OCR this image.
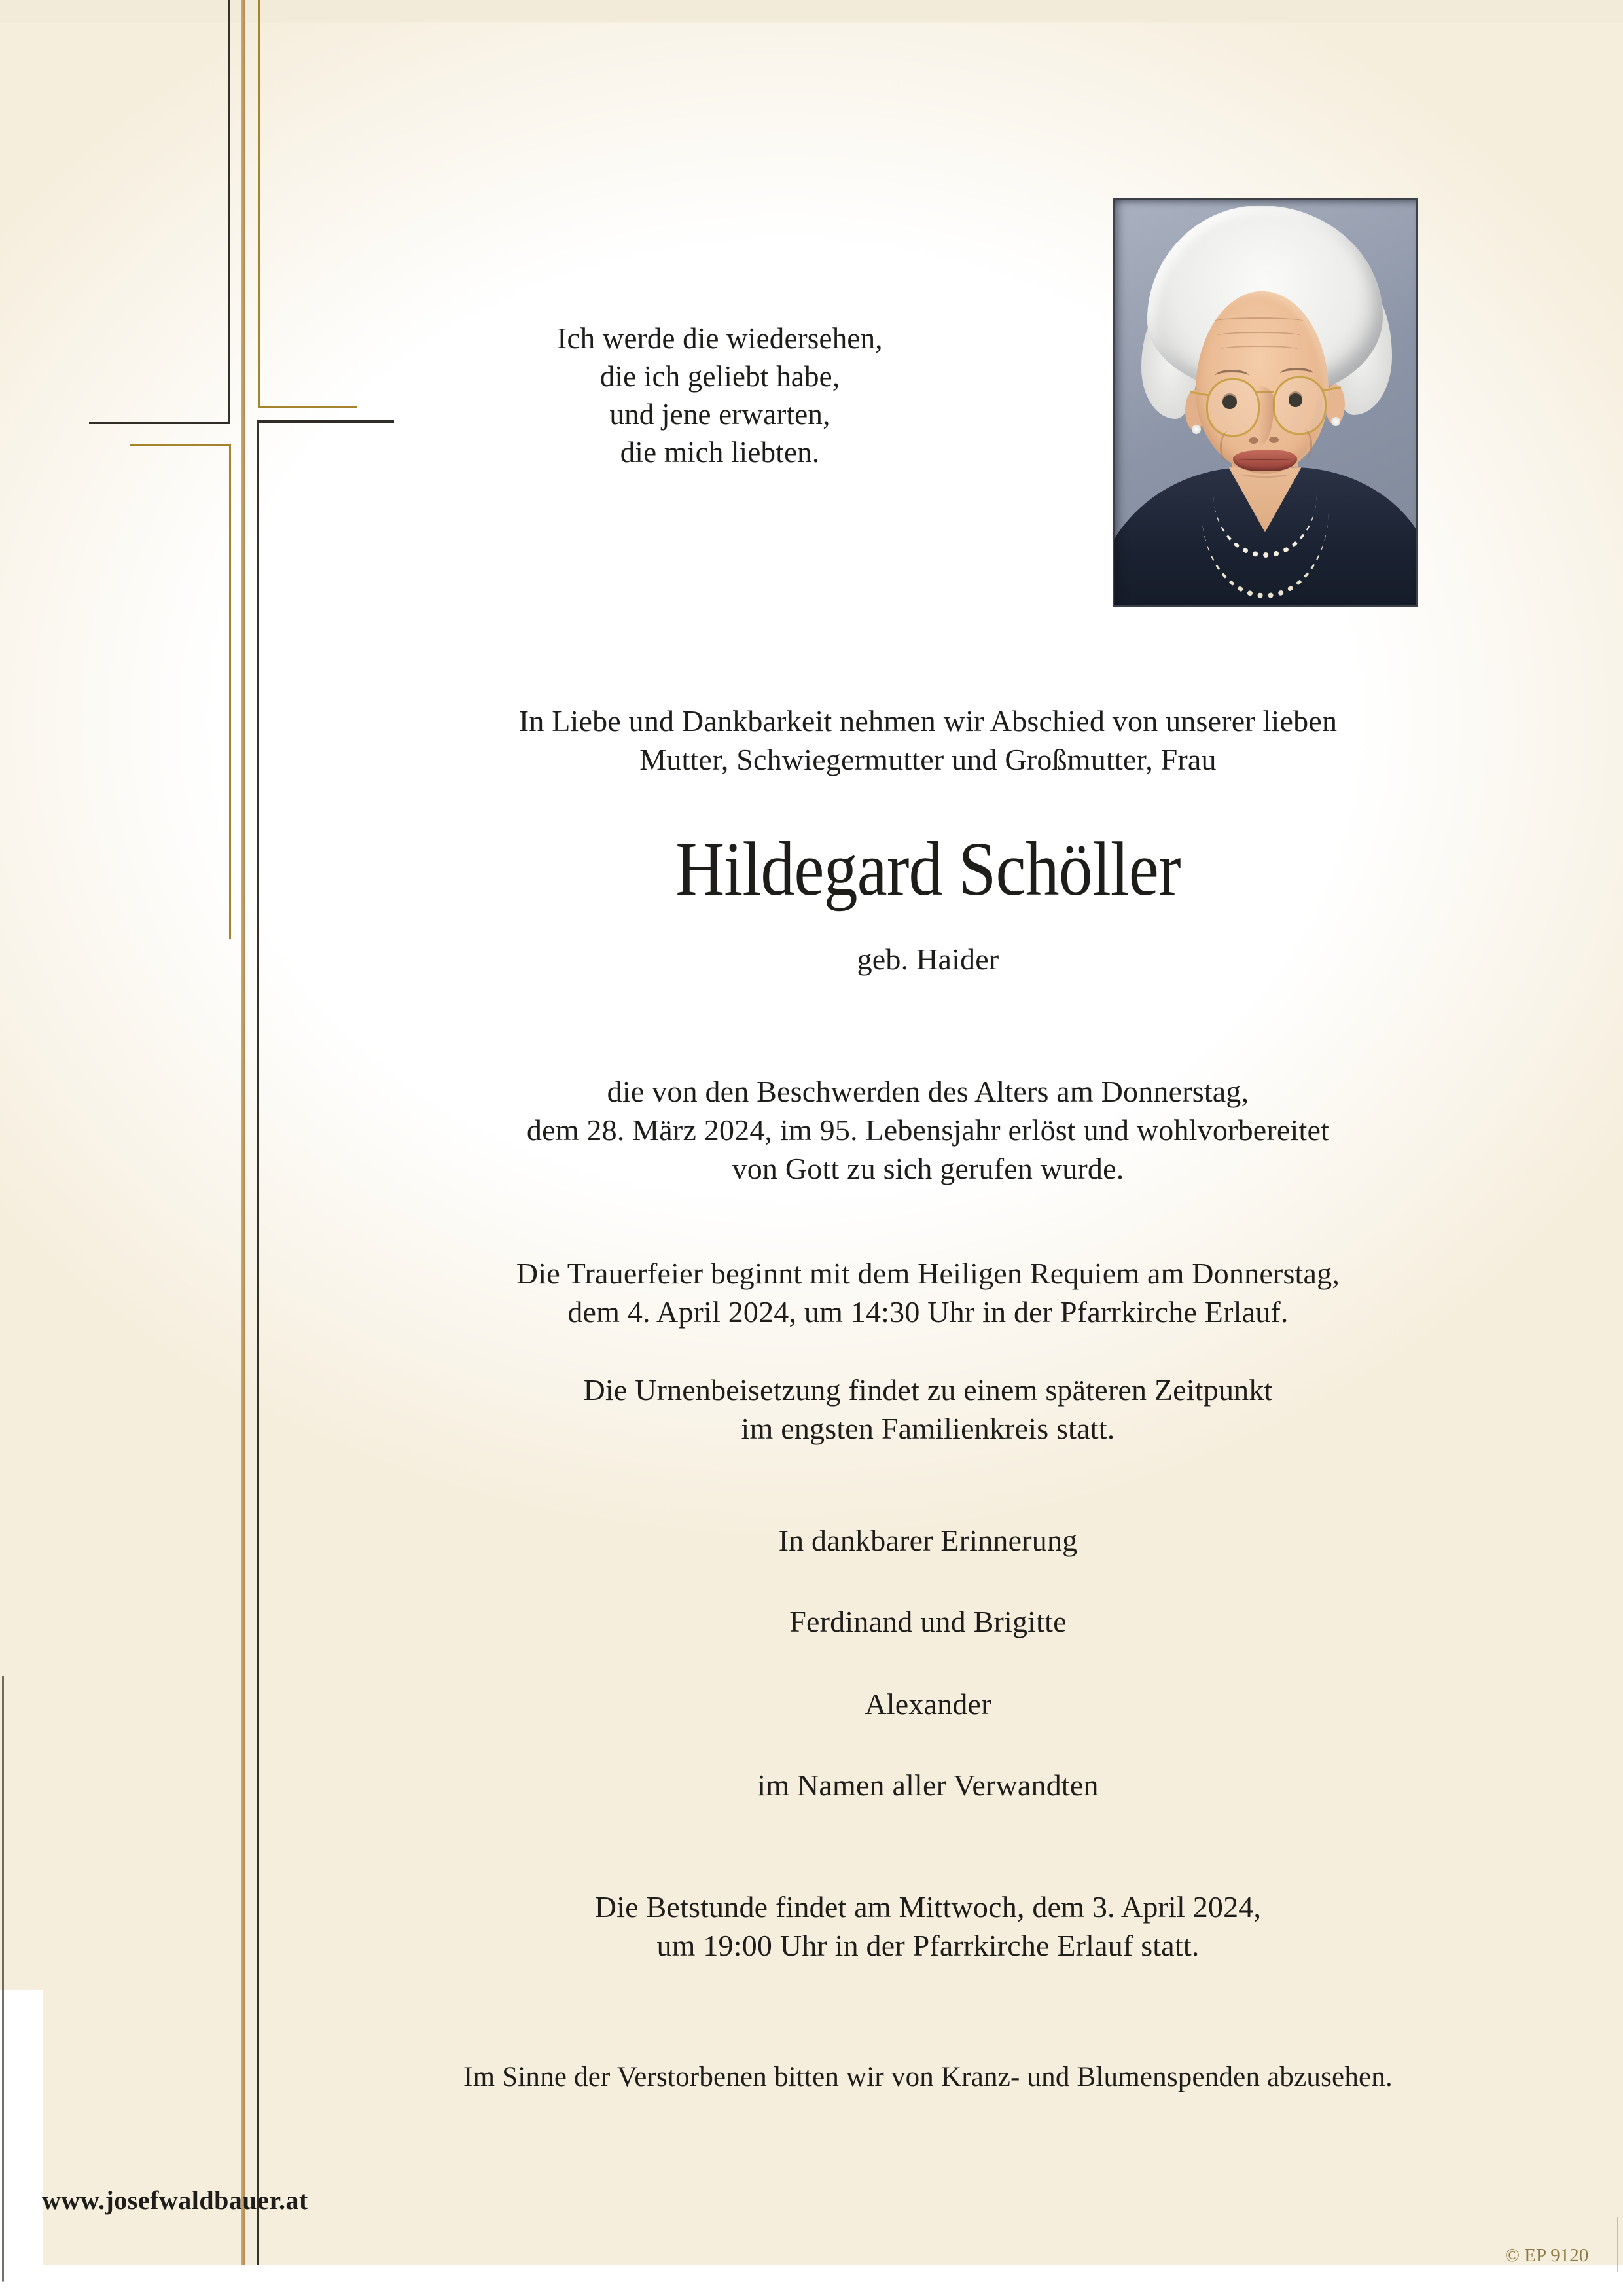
Ich werde die wiedersehen,
die ich geliebt habe,
und jene erwarten,
die mich liebten.
In Liebe und Dankbarkeit nehmen wir Abschied von unserer lieben
Mutter, Schwiegermutter und Großmutter, Frau
Hildegard Schöller
geb. Haider
die von den Beschwerden des Alters am Donnerstag,
dem 28. März 2024, im 95. Lebensjahr erlöst und wohlvorbereitet
von Gott zu sich gerufen wurde.
Die Trauerfeier beginnt mit dem Heiligen Requiem am Donnerstag,
dem 4. April 2024, um 14:30 Uhr in der Pfarrkirche Erlauf.
Die Urnenbeisetzung findet zu einem späteren Zeitpunkt
im engsten Familienkreis statt.
In dankbarer Erinnerung
Ferdinand und Brigitte
Alexander
im Namen aller Verwandten
Die Betstunde findet am Mittwoch, dem 3. April 2024,
um 19:00 Uhr in der Pfarrkirche Erlauf statt.
Im Sinne der Verstorbenen bitten wir von Kranz- und Blumenspenden abzusehen.
www.josefwaldbauer.at
© EP 9120
